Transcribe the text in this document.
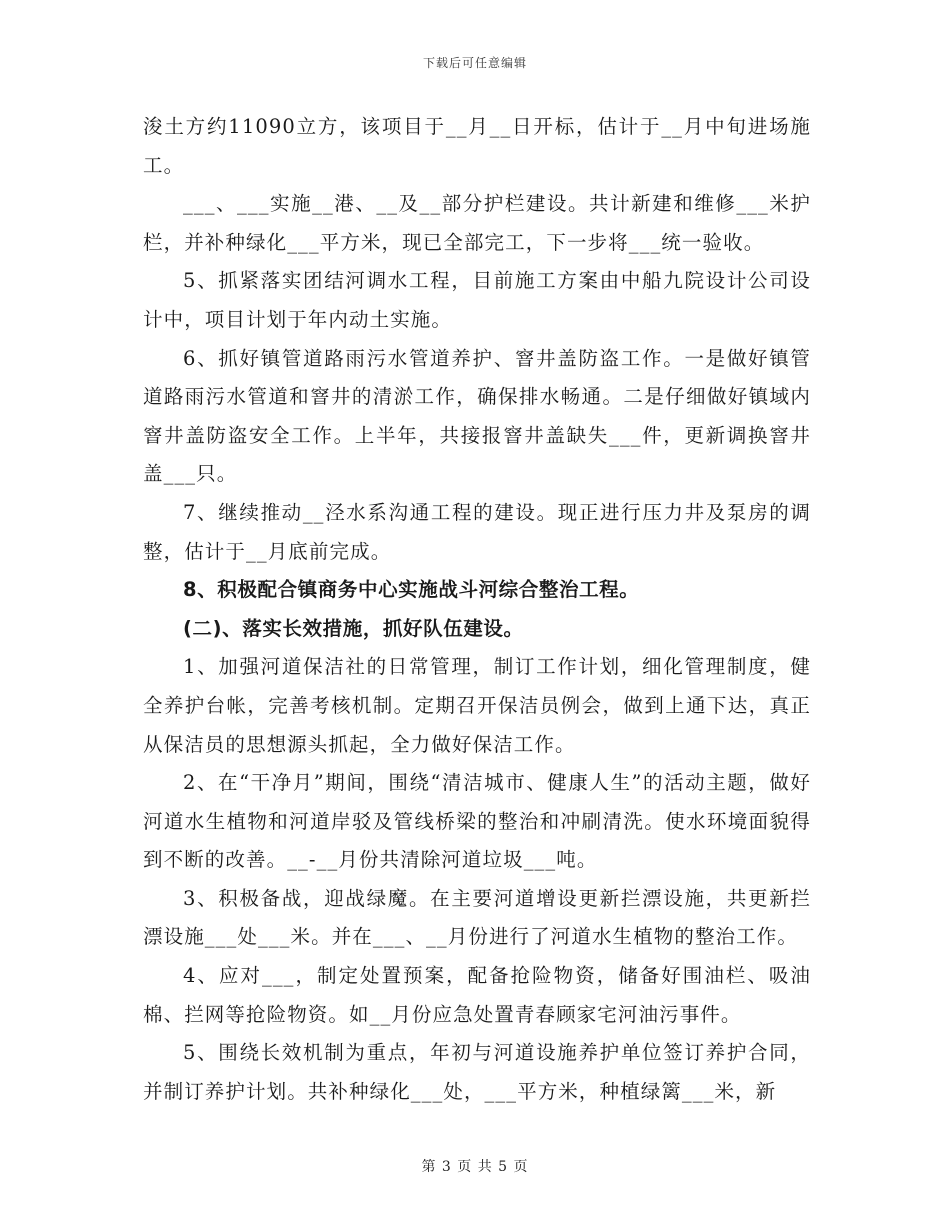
下载后可任意编辑

浚土方约11090立方，该项目于__月__日开标，估计于__月中旬进场施工。

___、___实施__港、__及__部分护栏建设。共计新建和维修___米护栏，并补种绿化___平方米，现已全部完工，下一步将___统一验收。

5、抓紧落实团结河调水工程，目前施工方案由中船九院设计公司设计中，项目计划于年内动土实施。

6、抓好镇管道路雨污水管道养护、窨井盖防盗工作。一是做好镇管道路雨污水管道和窨井的清淤工作，确保排水畅通。二是仔细做好镇域内窨井盖防盗安全工作。上半年，共接报窨井盖缺失___件，更新调换窨井盖___只。

7、继续推动__泾水系沟通工程的建设。现正进行压力井及泵房的调整，估计于__月底前完成。

8、积极配合镇商务中心实施战斗河综合整治工程。

(二)、落实长效措施，抓好队伍建设。

1、加强河道保洁社的日常管理，制订工作计划，细化管理制度，健全养护台帐，完善考核机制。定期召开保洁员例会，做到上通下达，真正从保洁员的思想源头抓起，全力做好保洁工作。

2、在“干净月”期间，围绕“清洁城市、健康人生”的活动主题，做好河道水生植物和河道岸驳及管线桥梁的整治和冲刷清洗。使水环境面貌得到不断的改善。__-__月份共清除河道垃圾___吨。

3、积极备战，迎战绿魔。在主要河道增设更新拦漂设施，共更新拦漂设施___处___米。并在___、__月份进行了河道水生植物的整治工作。

4、应对___，制定处置预案，配备抢险物资，储备好围油栏、吸油棉、拦网等抢险物资。如__月份应急处置青春顾家宅河油污事件。

5、围绕长效机制为重点，年初与河道设施养护单位签订养护合同，并制订养护计划。共补种绿化___处，___平方米，种植绿篱___米，新

第 3 页 共 5 页
